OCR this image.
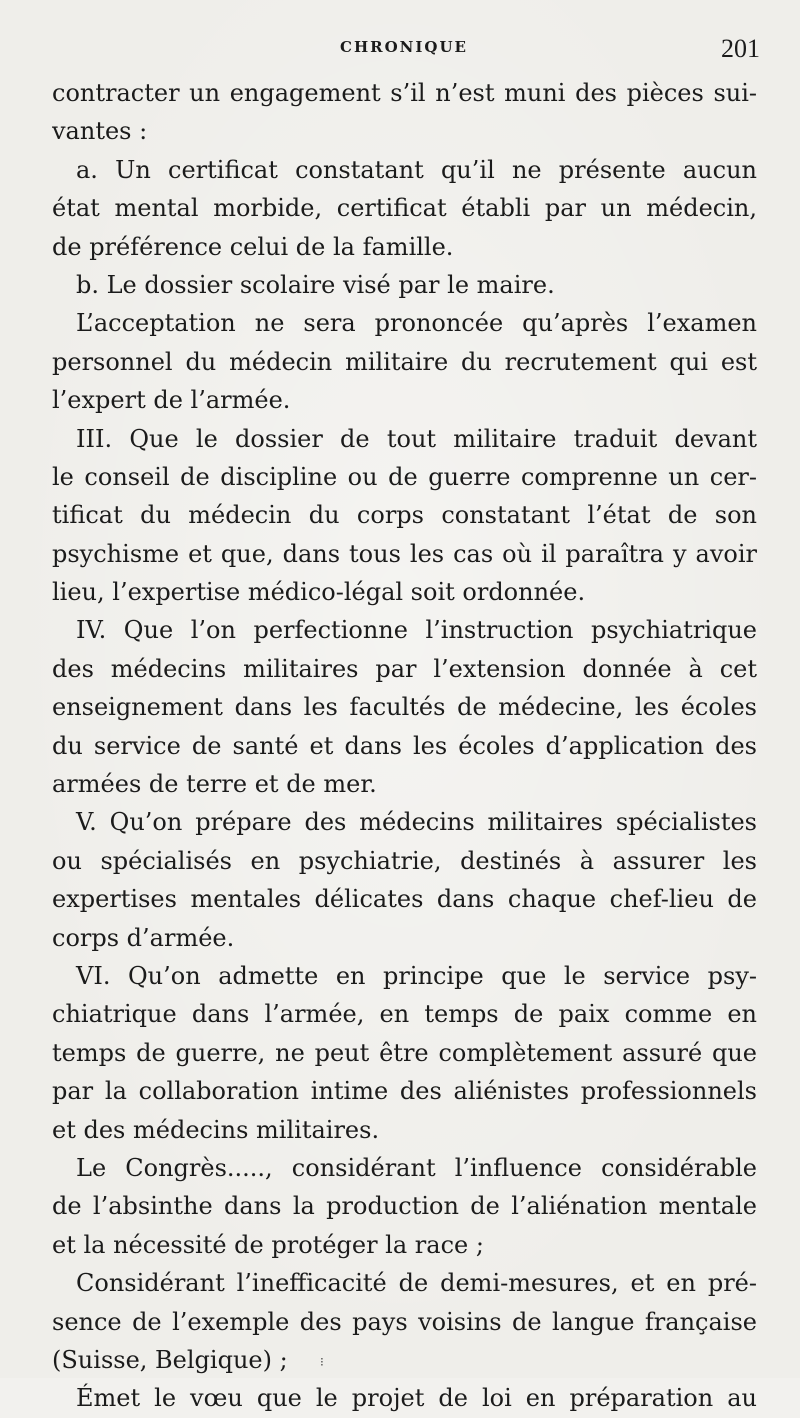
CHRONIQUE	201
contracter un engagement s’il n’est muni des pièces sui-
vantes :
a. Un certificat constatant qu’il ne présente aucun
état mental morbide, certificat établi par un médecin,
de préférence celui de la famille.
b. Le dossier scolaire visé par le maire.
L’acceptation ne sera prononcée qu’après l’examen
personnel du médecin militaire du recrutement qui est
l’expert de l’armée.
III. Que le dossier de tout militaire traduit devant
le conseil de discipline ou de guerre comprenne un cer-
tificat du médecin du corps constatant l’état de son
psychisme et que, dans tous les cas où il paraîtra y avoir
lieu, l’expertise médico-légal soit ordonnée.
IV. Que l’on perfectionne l’instruction psychiatrique
des médecins militaires par l’extension donnée à cet
enseignement dans les facultés de médecine, les écoles
du service de santé et dans les écoles d’application des
armées de terre et de mer.
V. Qu’on prépare des médecins militaires spécialistes
ou spécialisés en psychiatrie, destinés à assurer les
expertises mentales délicates dans chaque chef-lieu de
corps d’armée.
VI. Qu’on admette en principe que le service psy-
chiatrique dans l’armée, en temps de paix comme en
temps de guerre, ne peut être complètement assuré que
par la collaboration intime des aliénistes professionnels
et des médecins militaires.
Le Congrès....., considérant l’influence considérable
de l’absinthe dans la production de l’aliénation mentale
et la nécessité de protéger la race ;
Considérant l’inefficacité de demi-mesures, et en pré-
sence de l’exemple des pays voisins de langue française
(Suisse, Belgique) ;
Émet le vœu que le projet de loi en préparation au
⁝
